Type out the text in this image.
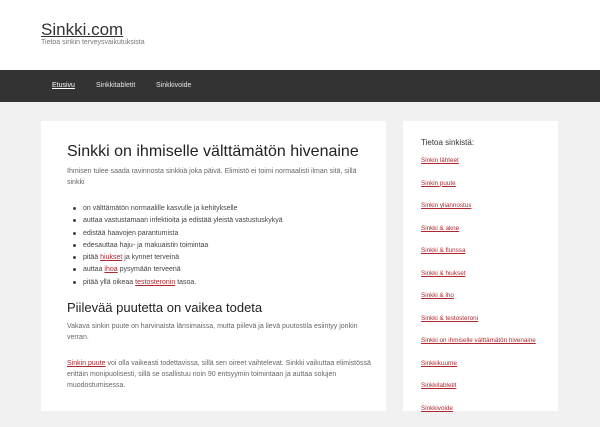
Sinkki.com
Tietoa sinkin terveysvaikutuksista
Etusivu	Sinkkitabletit	Sinkkivoide
Sinkki on ihmiselle välttämätön hivenaine

Ihmisen tulee saada ravinnosta sinkkiä joka päivä. Elimistö ei toimi normaalisti ilman sitä, sillä sinkki

on välttämätön normaalille kasvulle ja kehitykselle
auttaa vastustamaan infektioita ja edistää yleistä vastustuskykyä
edistää haavojen parantumista
edesauttaa haju- ja makuaistin toimintaa
pitää hiukset ja kynnet terveinä
auttaa ihoa pysymään terveenä
pitää yllä oikeaa testosteronin tasoa.
Piilevää puutetta on vaikea todeta

Vakava sinkin puute on harvinaista länsimaissa, mutta piilevä ja lievä puutostila esiintyy jonkin verran.

Sinkin puute voi olla vaikeasti todettavissa, sillä sen oireet vaihtelevat. Sinkki vaikuttaa elimistössä erittäin monipuolisesti, sillä se osallistuu noin 90 entsyymin toimintaan ja auttaa solujen muodostumisessa.

Tietoa sinkistä:
Sinkin lähteet
Sinkin puute
Sinkin yliannostus
Sinkki & akne
Sinkki & flunssa
Sinkki & hiukset
Sinkki & iho
Sinkki & testosteroni
Sinkki on ihmiselle välttämätön hivenaine
Sinkkikuurne
Sinkkitabletit
Sinkkivoide
